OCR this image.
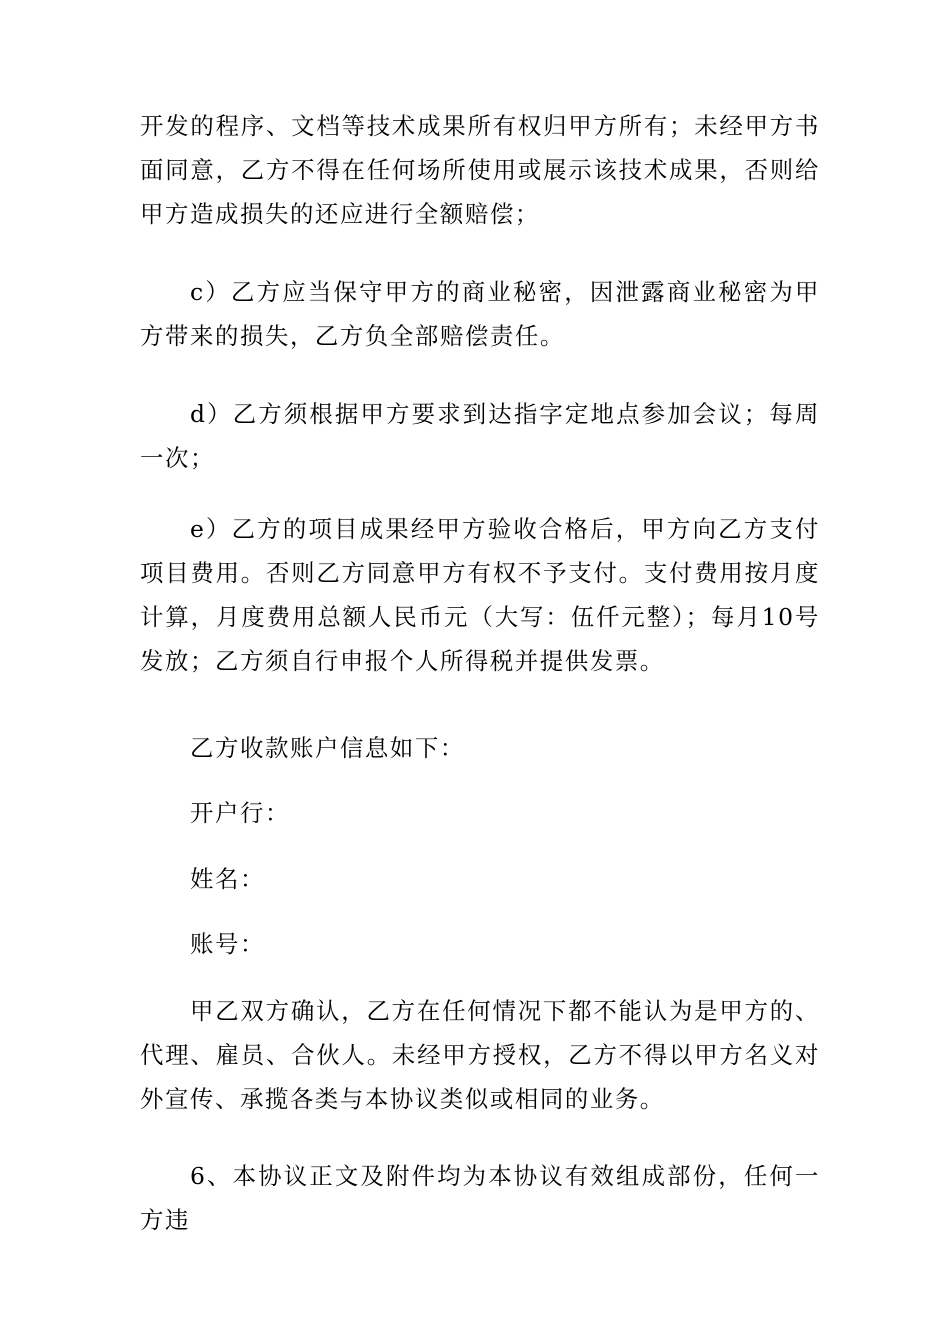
开发的程序、文档等技术成果所有权归甲方所有；未经甲方书面同意，乙方不得在任何场所使用或展示该技术成果，否则给甲方造成损失的还应进行全额赔偿；

c）乙方应当保守甲方的商业秘密，因泄露商业秘密为甲方带来的损失，乙方负全部赔偿责任。

d）乙方须根据甲方要求到达指字定地点参加会议；每周一次；

e）乙方的项目成果经甲方验收合格后，甲方向乙方支付项目费用。否则乙方同意甲方有权不予支付。支付费用按月度计算，月度费用总额人民币元（大写：伍仟元整）；每月10号发放；乙方须自行申报个人所得税并提供发票。

乙方收款账户信息如下：

开户行：

姓名：

账号：

甲乙双方确认，乙方在任何情况下都不能认为是甲方的、代理、雇员、合伙人。未经甲方授权，乙方不得以甲方名义对外宣传、承揽各类与本协议类似或相同的业务。

6、本协议正文及附件均为本协议有效组成部份，任何一方违
